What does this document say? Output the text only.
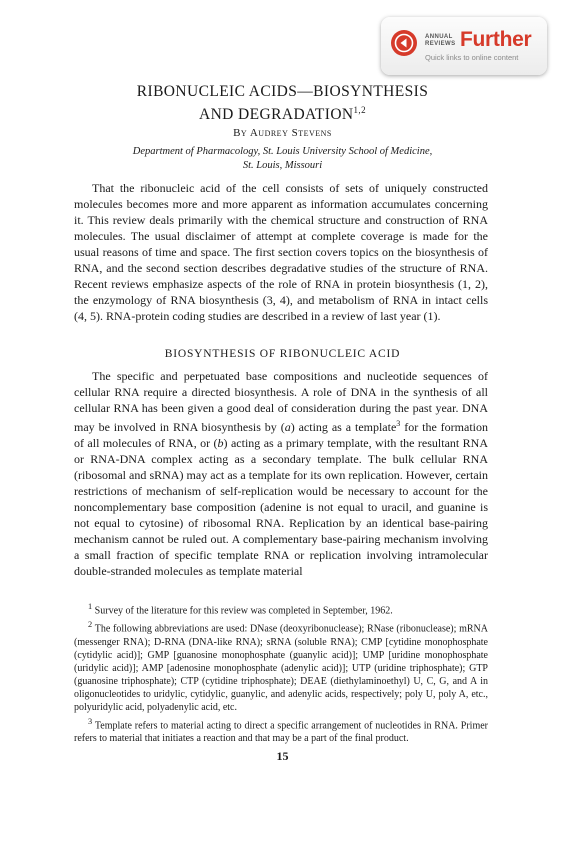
ANNUAL
REVIEWS Further
Quick links to online content
RIBONUCLEIC ACIDS—BIOSYNTHESIS
AND DEGRADATION$^{1,2}$
By Audrey Stevens
Department of Pharmacology, St. Louis University School of Medicine,
St. Louis, Missouri

That the ribonucleic acid of the cell consists of sets of uniquely constructed molecules becomes more and more apparent as information accumulates concerning it. This review deals primarily with the chemical structure and construction of RNA molecules. The usual disclaimer of attempt at complete coverage is made for the usual reasons of time and space. The first section covers topics on the biosynthesis of RNA, and the second section describes degradative studies of the structure of RNA. Recent reviews emphasize aspects of the role of RNA in protein biosynthesis (1, 2), the enzymology of RNA biosynthesis (3, 4), and metabolism of RNA in intact cells (4, 5). RNA-protein coding studies are described in a review of last year (1).

BIOSYNTHESIS OF RIBONUCLEIC ACID

The specific and perpetuated base compositions and nucleotide sequences of cellular RNA require a directed biosynthesis. A role of DNA in the synthesis of all cellular RNA has been given a good deal of consideration during the past year. DNA may be involved in RNA biosynthesis by (a) acting as a template$^3$ for the formation of all molecules of RNA, or (b) acting as a primary template, with the resultant RNA or RNA-DNA complex acting as a secondary template. The bulk cellular RNA (ribosomal and sRNA) may act as a template for its own replication. However, certain restrictions of mechanism of self-replication would be necessary to account for the noncomplementary base composition (adenine is not equal to uracil, and guanine is not equal to cytosine) of ribosomal RNA. Replication by an identical base-pairing mechanism cannot be ruled out. A complementary base-pairing mechanism involving a small fraction of specific template RNA or replication involving intramolecular double-stranded molecules as template material

$^1$ Survey of the literature for this review was completed in September, 1962.

$^2$ The following abbreviations are used: DNase (deoxyribonuclease); RNase (ribonuclease); mRNA (messenger RNA); D-RNA (DNA-like RNA); sRNA (soluble RNA); CMP [cytidine monophosphate (cytidylic acid)]; GMP [guanosine monophosphate (guanylic acid)]; UMP [uridine monophosphate (uridylic acid)]; AMP [adenosine monophosphate (adenylic acid)]; UTP (uridine triphosphate); GTP (guanosine triphosphate); CTP (cytidine triphosphate); DEAE (diethylaminoethyl) U, C, G, and A in oligonucleotides to uridylic, cytidylic, guanylic, and adenylic acids, respectively; poly U, poly A, etc., polyuridylic acid, polyadenylic acid, etc.

$^3$ Template refers to material acting to direct a specific arrangement of nucleotides in RNA. Primer refers to material that initiates a reaction and that may be a part of the final product.

15
